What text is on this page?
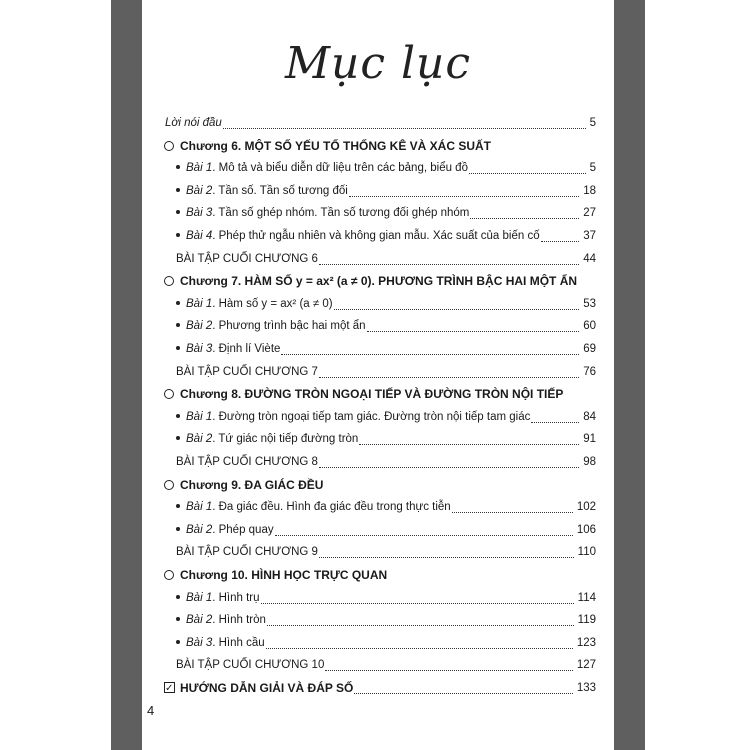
Mục lục
Lời nói đầu	5
Chương 6. MỘT SỐ YẾU TỐ THỐNG KÊ VÀ XÁC SUẤT
Bài 1. Mô tả và biểu diễn dữ liệu trên các bảng, biểu đồ	5
Bài 2. Tần số. Tần số tương đối	18
Bài 3. Tần số ghép nhóm. Tần số tương đối ghép nhóm	27
Bài 4. Phép thử ngẫu nhiên và không gian mẫu. Xác suất của biến cố	37
BÀI TẬP CUỐI CHƯƠNG 6	44
Chương 7. HÀM SỐ y = ax² (a ≠ 0). PHƯƠNG TRÌNH BẬC HAI MỘT ẨN
Bài 1. Hàm số y = ax² (a ≠ 0)	53
Bài 2. Phương trình bậc hai một ẩn	60
Bài 3. Định lí Viète	69
BÀI TẬP CUỐI CHƯƠNG 7	76
Chương 8. ĐƯỜNG TRÒN NGOẠI TIẾP VÀ ĐƯỜNG TRÒN NỘI TIẾP
Bài 1. Đường tròn ngoại tiếp tam giác. Đường tròn nội tiếp tam giác	84
Bài 2. Tứ giác nội tiếp đường tròn	91
BÀI TẬP CUỐI CHƯƠNG 8	98
Chương 9. ĐA GIÁC ĐỀU
Bài 1. Đa giác đều. Hình đa giác đều trong thực tiễn	102
Bài 2. Phép quay	106
BÀI TẬP CUỐI CHƯƠNG 9	110
Chương 10. HÌNH HỌC TRỰC QUAN
Bài 1. Hình trụ	114
Bài 2. Hình tròn	119
Bài 3. Hình cầu	123
BÀI TẬP CUỐI CHƯƠNG 10	127
✓HƯỚNG DẪN GIẢI VÀ ĐÁP SỐ	133
4
